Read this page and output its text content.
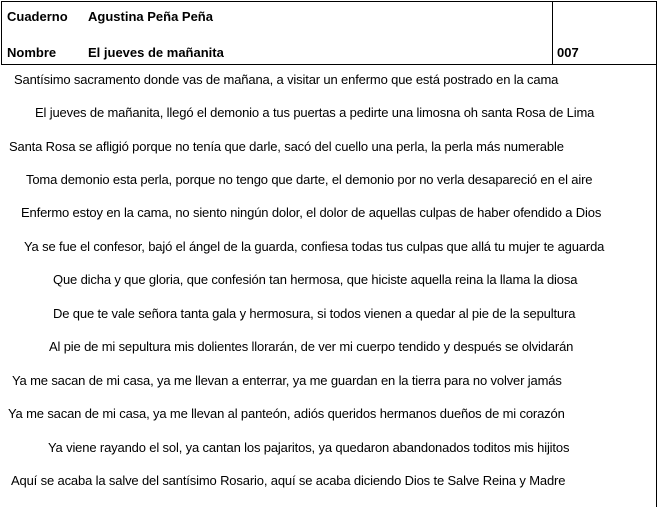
Cuaderno Agustina Peña Peña
Nombre El jueves de mañanita	007
Santísimo sacramento donde vas de mañana, a visitar un enfermo que está postrado en la cama
El jueves de mañanita, llegó el demonio a tus puertas a pedirte una limosna oh santa Rosa de Lima
Santa Rosa se afligió porque no tenía que darle, sacó del cuello una perla, la perla más numerable
Toma demonio esta perla, porque no tengo que darte, el demonio por no verla desapareció en el aire
Enfermo estoy en la cama, no siento ningún dolor, el dolor de aquellas culpas de haber ofendido a Dios
Ya se fue el confesor, bajó el ángel de la guarda, confiesa todas tus culpas que allá tu mujer te aguarda
Que dicha y que gloria, que confesión tan hermosa, que hiciste aquella reina la llama la diosa
De que te vale señora tanta gala y hermosura, si todos vienen a quedar al pie de la sepultura
Al pie de mi sepultura mis dolientes llorarán, de ver mi cuerpo tendido y después se olvidarán
Ya me sacan de mi casa, ya me llevan a enterrar, ya me guardan en la tierra para no volver jamás
Ya me sacan de mi casa, ya me llevan al panteón, adiós queridos hermanos dueños de mi corazón
Ya viene rayando el sol, ya cantan los pajaritos, ya quedaron abandonados toditos mis hijitos
Aquí se acaba la salve del santísimo Rosario, aquí se acaba diciendo Dios te Salve Reina y Madre
